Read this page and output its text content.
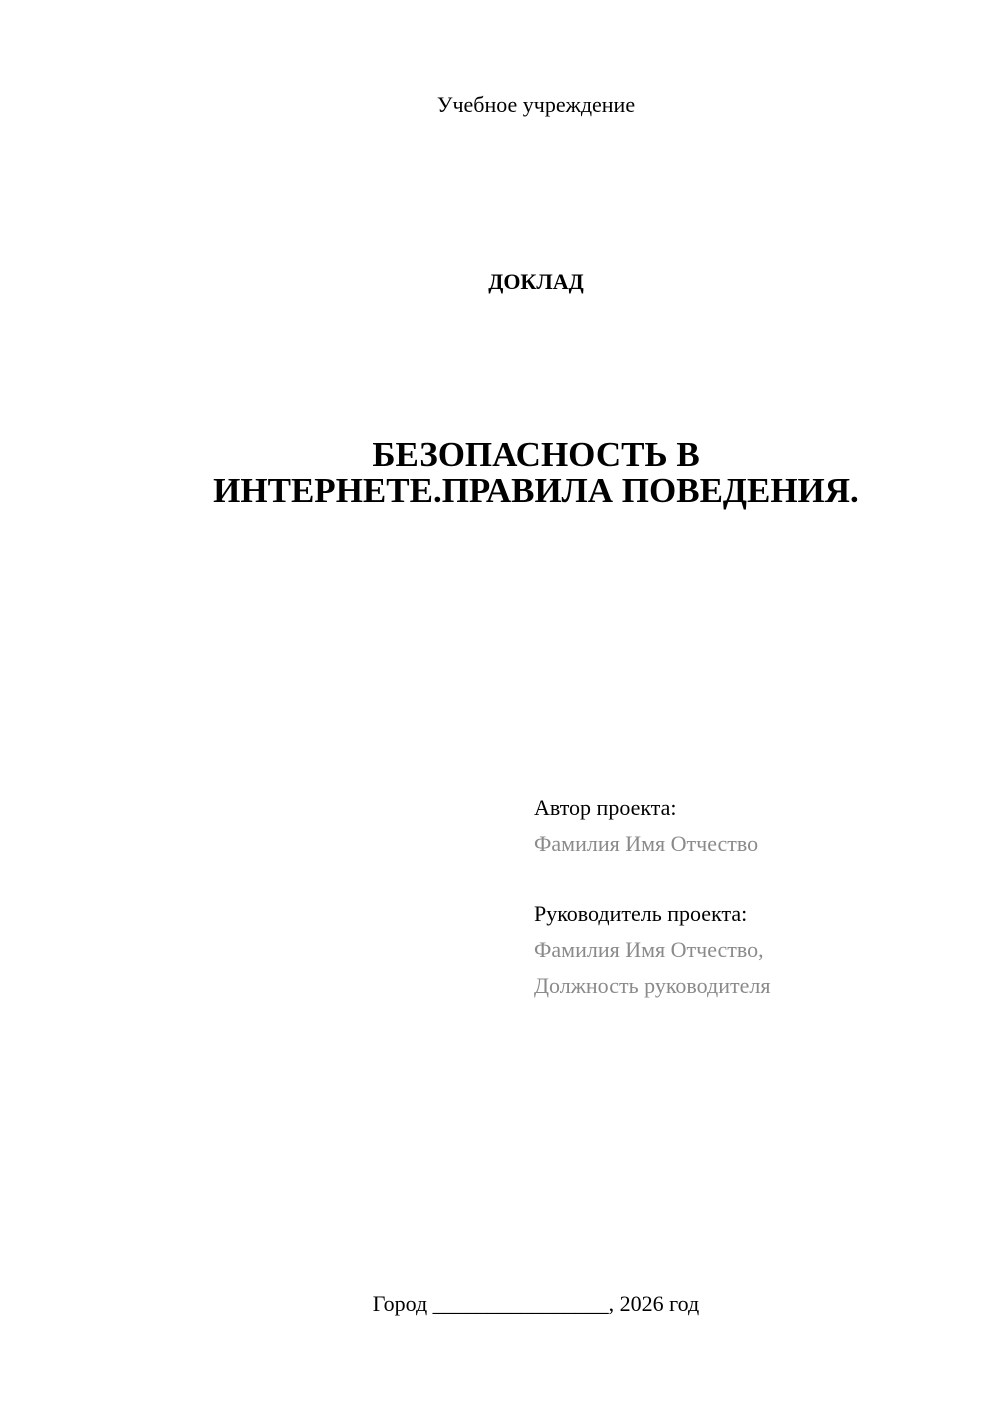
Учебное учреждение
ДОКЛАД
БЕЗОПАСНОСТЬ В
ИНТЕРНЕТЕ.ПРАВИЛА ПОВЕДЕНИЯ.
Автор проекта:
Фамилия Имя Отчество
Руководитель проекта:
Фамилия Имя Отчество,
Должность руководителя
Город ________________, 2026 год
